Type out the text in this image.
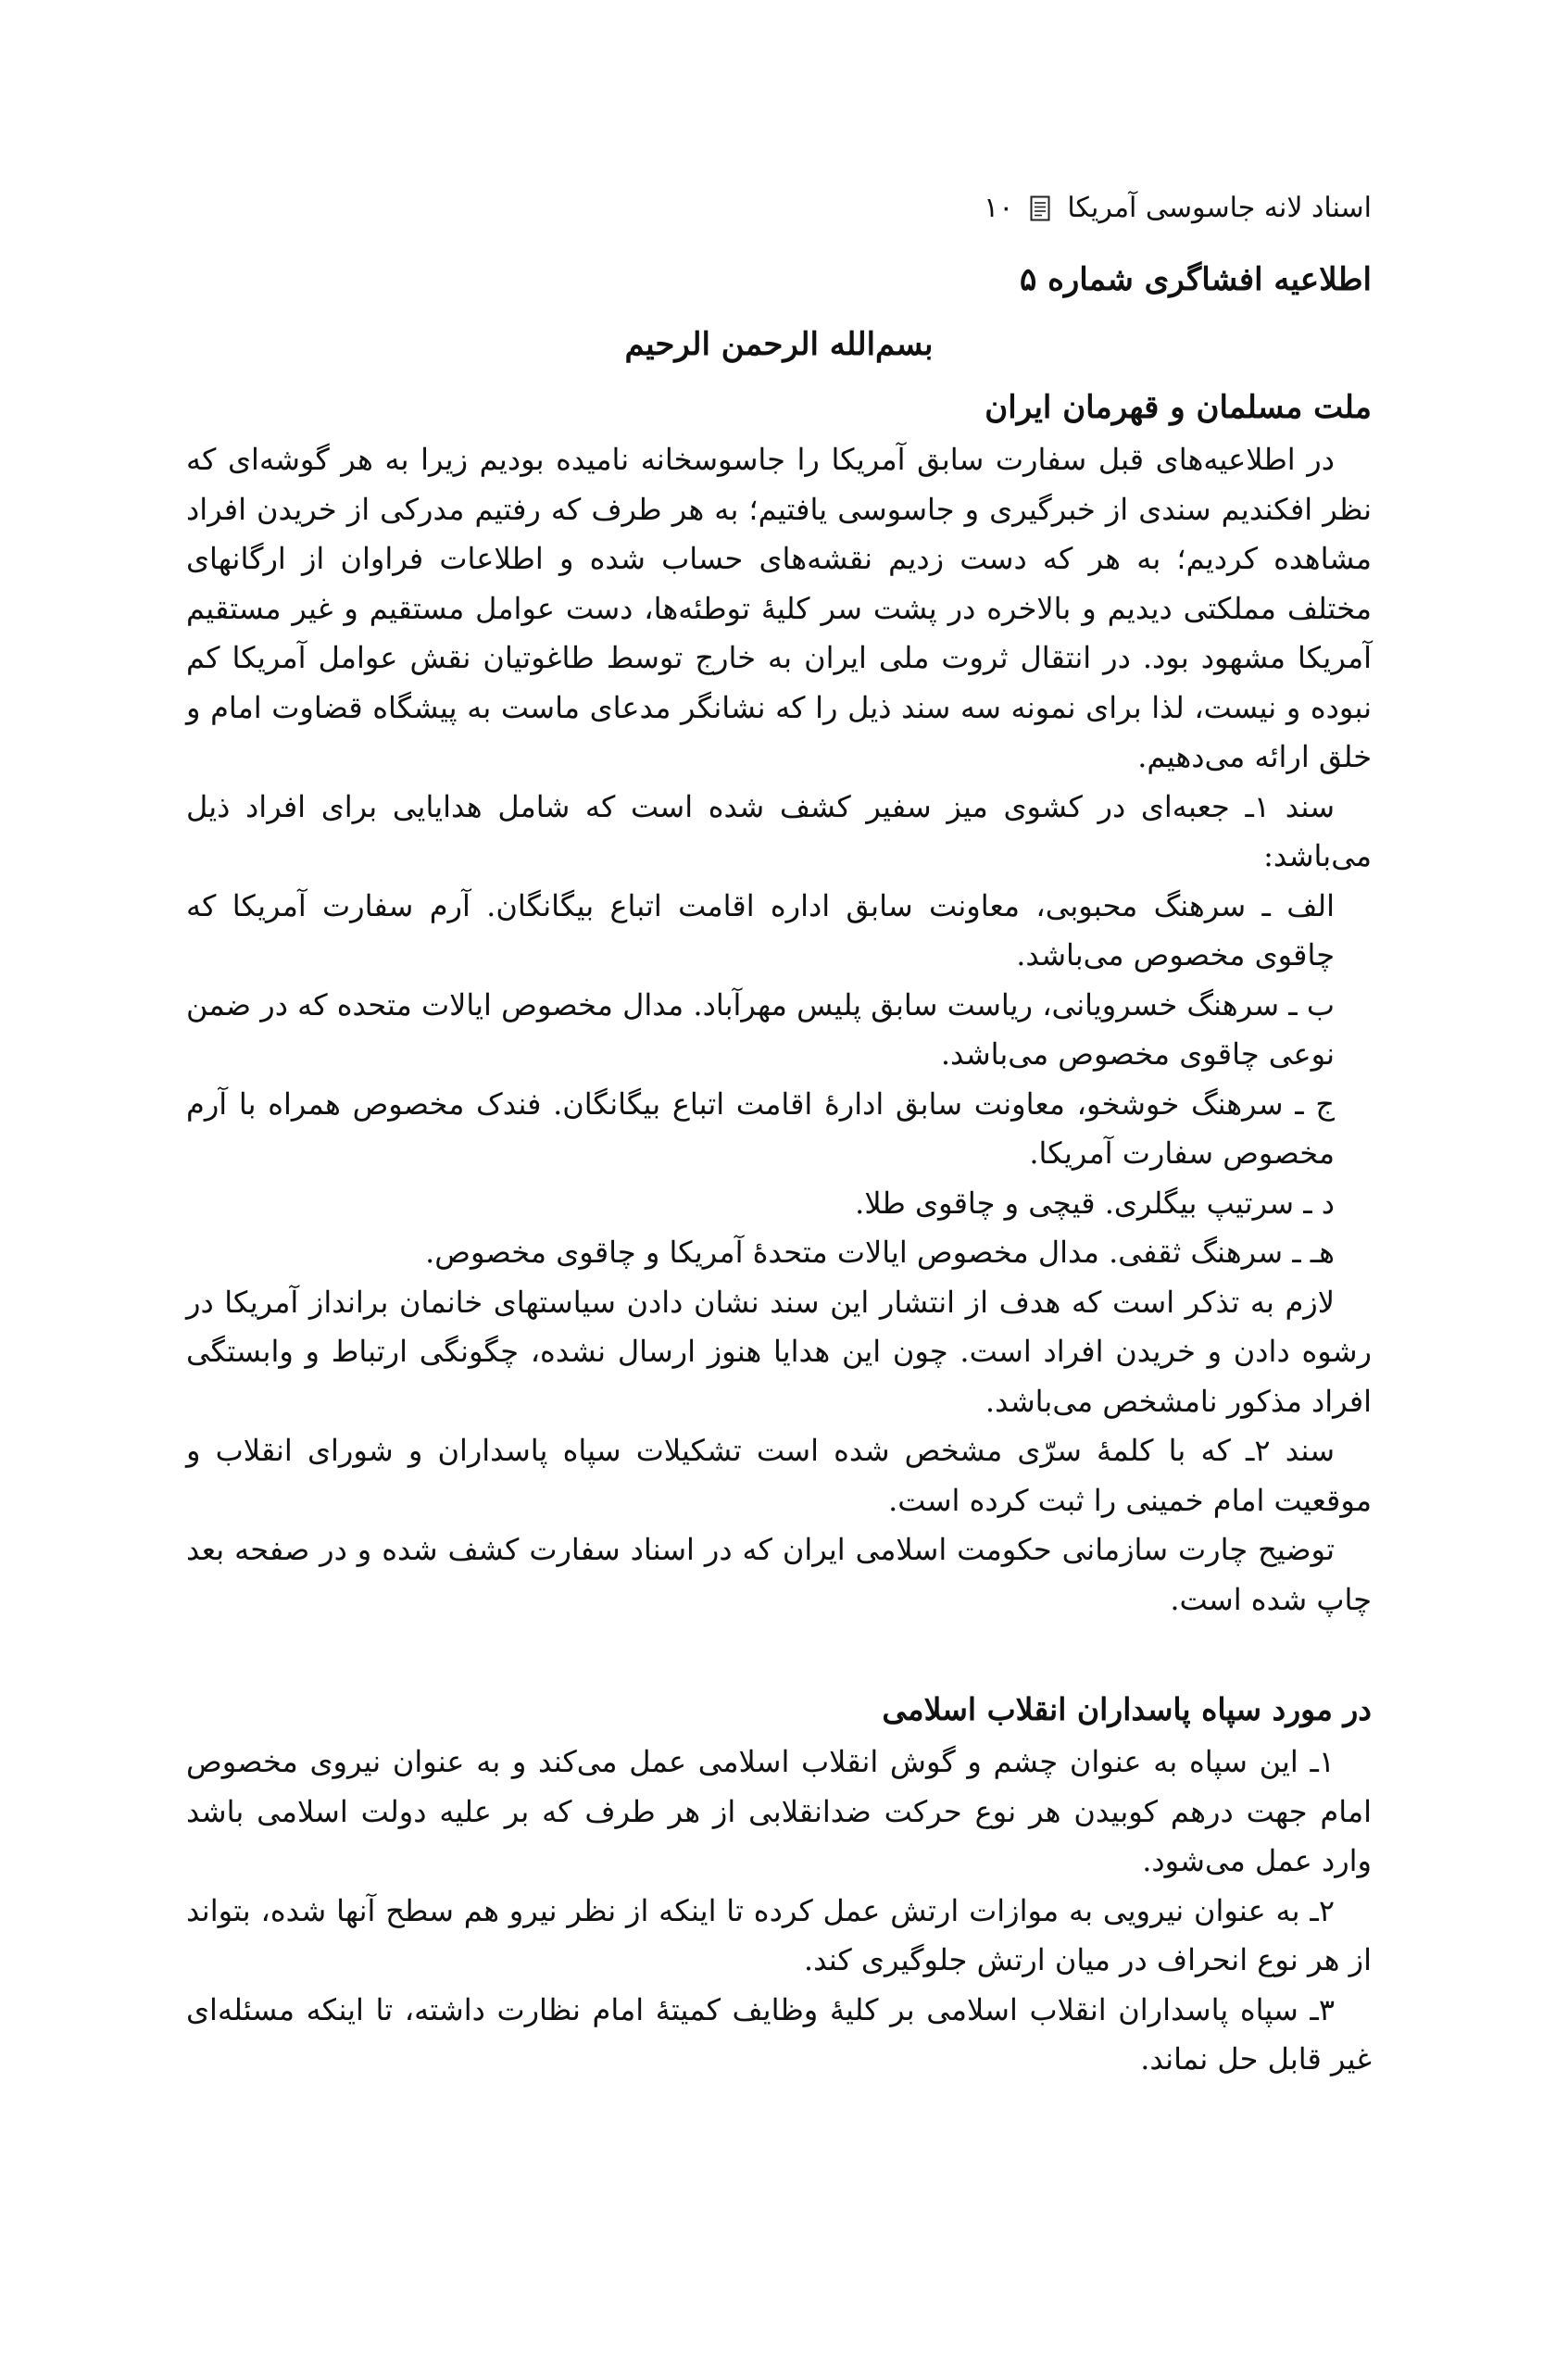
اسناد لانه جاسوسی آمریکا
۱۰
اطلاعیه افشاگری شماره ۵
بسم‌الله الرحمن الرحیم
ملت مسلمان و قهرمان ایران

در اطلاعیه‌های قبل سفارت سابق آمریکا را جاسوسخانه نامیده بودیم زیرا به هر گوشه‌ای که نظر افکندیم سندی از خبرگیری و جاسوسی یافتیم؛ به هر طرف که رفتیم مدرکی از خریدن افراد مشاهده کردیم؛ به هر که دست زدیم نقشه‌های حساب شده و اطلاعات فراوان از ارگانهای مختلف مملکتی دیدیم و بالاخره در پشت سر کلیهٔ توطئه‌ها، دست عوامل مستقیم و غیر مستقیم آمریکا مشهود بود. در انتقال ثروت ملی ایران به خارج توسط طاغوتیان نقش عوامل آمریکا کم نبوده و نیست، لذا برای نمونه سه سند ذیل را که نشانگر مدعای ماست به پیشگاه قضاوت امام و خلق ارائه می‌دهیم.

سند ۱ـ جعبه‌ای در کشوی میز سفیر کشف شده است که شامل هدایایی برای افراد ذیل می‌باشد:

الف ـ سرهنگ محبوبی، معاونت سابق اداره اقامت اتباع بیگانگان. آرم سفارت آمریکا که چاقوی مخصوص می‌باشد.

ب ـ سرهنگ خسرویانی، ریاست سابق پلیس مهرآباد. مدال مخصوص ایالات متحده که در ضمن نوعی چاقوی مخصوص می‌باشد.

ج ـ سرهنگ خوشخو، معاونت سابق ادارهٔ اقامت اتباع بیگانگان. فندک مخصوص همراه با آرم مخصوص سفارت آمریکا.

د ـ سرتیپ بیگلری. قیچی و چاقوی طلا.

هـ ـ سرهنگ ثقفی. مدال مخصوص ایالات متحدهٔ آمریکا و چاقوی مخصوص.

لازم به تذکر است که هدف از انتشار این سند نشان دادن سیاستهای خانمان برانداز آمریکا در رشوه دادن و خریدن افراد است. چون این هدایا هنوز ارسال نشده، چگونگی ارتباط و وابستگی افراد مذکور نامشخص می‌باشد.

سند ۲ـ که با کلمهٔ سرّی مشخص شده است تشکیلات سپاه پاسداران و شورای انقلاب و موقعیت امام خمینی را ثبت کرده است.

توضیح چارت سازمانی حکومت اسلامی ایران که در اسناد سفارت کشف شده و در صفحه بعد چاپ شده است.

در مورد سپاه پاسداران انقلاب اسلامی

۱ـ این سپاه به عنوان چشم و گوش انقلاب اسلامی عمل می‌کند و به عنوان نیروی مخصوص امام جهت درهم کوبیدن هر نوع حرکت ضدانقلابی از هر طرف که بر علیه دولت اسلامی باشد وارد عمل می‌شود.

۲ـ به عنوان نیرویی به موازات ارتش عمل کرده تا اینکه از نظر نیرو هم سطح آنها شده، بتواند از هر نوع انحراف در میان ارتش جلوگیری کند.

۳ـ سپاه پاسداران انقلاب اسلامی بر کلیهٔ وظایف کمیتهٔ امام نظارت داشته، تا اینکه مسئله‌ای غیر قابل حل نماند.
